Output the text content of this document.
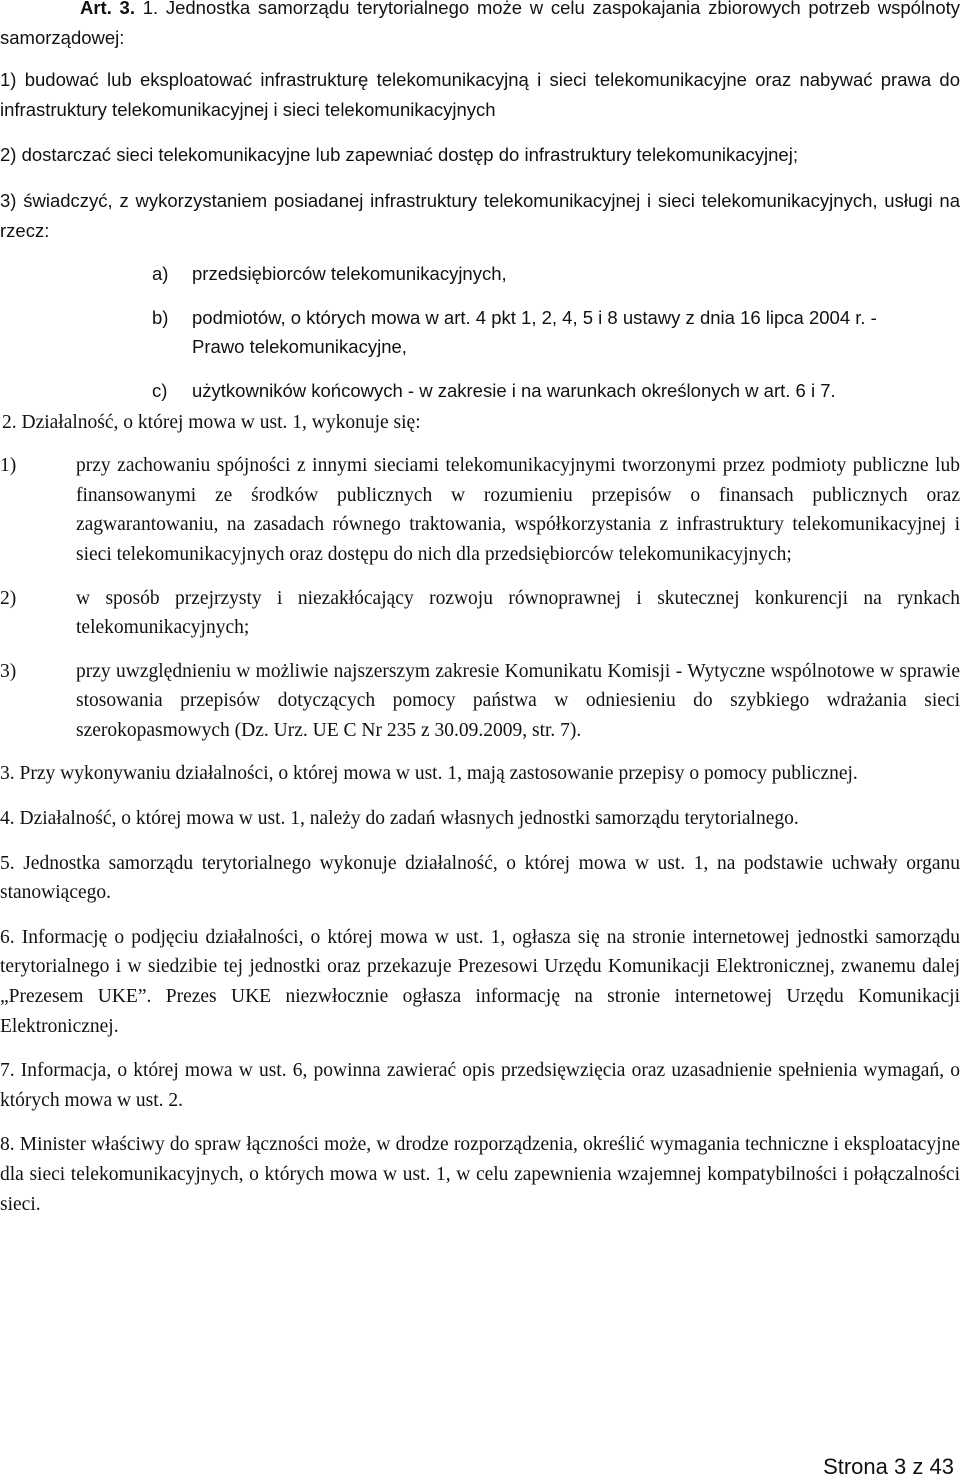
Art. 3. 1. Jednostka samorządu terytorialnego może w celu zaspokajania zbiorowych potrzeb wspólnoty samorządowej:

1) budować lub eksploatować infrastrukturę telekomunikacyjną i sieci telekomunikacyjne oraz nabywać prawa do infrastruktury telekomunikacyjnej i sieci telekomunikacyjnych

2) dostarczać sieci telekomunikacyjne lub zapewniać dostęp do infrastruktury telekomunikacyjnej;

3) świadczyć, z wykorzystaniem posiadanej infrastruktury telekomunikacyjnej i sieci telekomunikacyjnych, usługi na rzecz:

a) przedsiębiorców telekomunikacyjnych,
b) podmiotów, o których mowa w art. 4 pkt 1, 2, 4, 5 i 8 ustawy z dnia 16 lipca 2004 r. - Prawo telekomunikacyjne,
c) użytkowników końcowych - w zakresie i na warunkach określonych w art. 6 i 7.

2. Działalność, o której mowa w ust. 1, wykonuje się:

1)	przy zachowaniu spójności z innymi sieciami telekomunikacyjnymi tworzonymi przez podmioty publiczne lub finansowanymi ze środków publicznych w rozumieniu przepisów o finansach publicznych oraz zagwarantowaniu, na zasadach równego traktowania, współkorzystania z infrastruktury telekomunikacyjnej i sieci telekomunikacyjnych oraz dostępu do nich dla przedsiębiorców telekomunikacyjnych;
2)	w sposób przejrzysty i niezakłócający rozwoju równoprawnej i skutecznej konkurencji na rynkach telekomunikacyjnych;
3)	przy uwzględnieniu w możliwie najszerszym zakresie Komunikatu Komisji - Wytyczne wspólnotowe w sprawie stosowania przepisów dotyczących pomocy państwa w odniesieniu do szybkiego wdrażania sieci szerokopasmowych (Dz. Urz. UE C Nr 235 z 30.09.2009, str. 7).

3. Przy wykonywaniu działalności, o której mowa w ust. 1, mają zastosowanie przepisy o pomocy publicznej.

4. Działalność, o której mowa w ust. 1, należy do zadań własnych jednostki samorządu terytorialnego.

5. Jednostka samorządu terytorialnego wykonuje działalność, o której mowa w ust. 1, na podstawie uchwały organu stanowiącego.

6. Informację o podjęciu działalności, o której mowa w ust. 1, ogłasza się na stronie internetowej jednostki samorządu terytorialnego i w siedzibie tej jednostki oraz przekazuje Prezesowi Urzędu Komunikacji Elektronicznej, zwanemu dalej „Prezesem UKE”. Prezes UKE niezwłocznie ogłasza informację na stronie internetowej Urzędu Komunikacji Elektronicznej.

7. Informacja, o której mowa w ust. 6, powinna zawierać opis przedsięwzięcia oraz uzasadnienie spełnienia wymagań, o których mowa w ust. 2.

8. Minister właściwy do spraw łączności może, w drodze rozporządzenia, określić wymagania techniczne i eksploatacyjne dla sieci telekomunikacyjnych, o których mowa w ust. 1, w celu zapewnienia wzajemnej kompatybilności i połączalności sieci.

Strona 3 z 43
